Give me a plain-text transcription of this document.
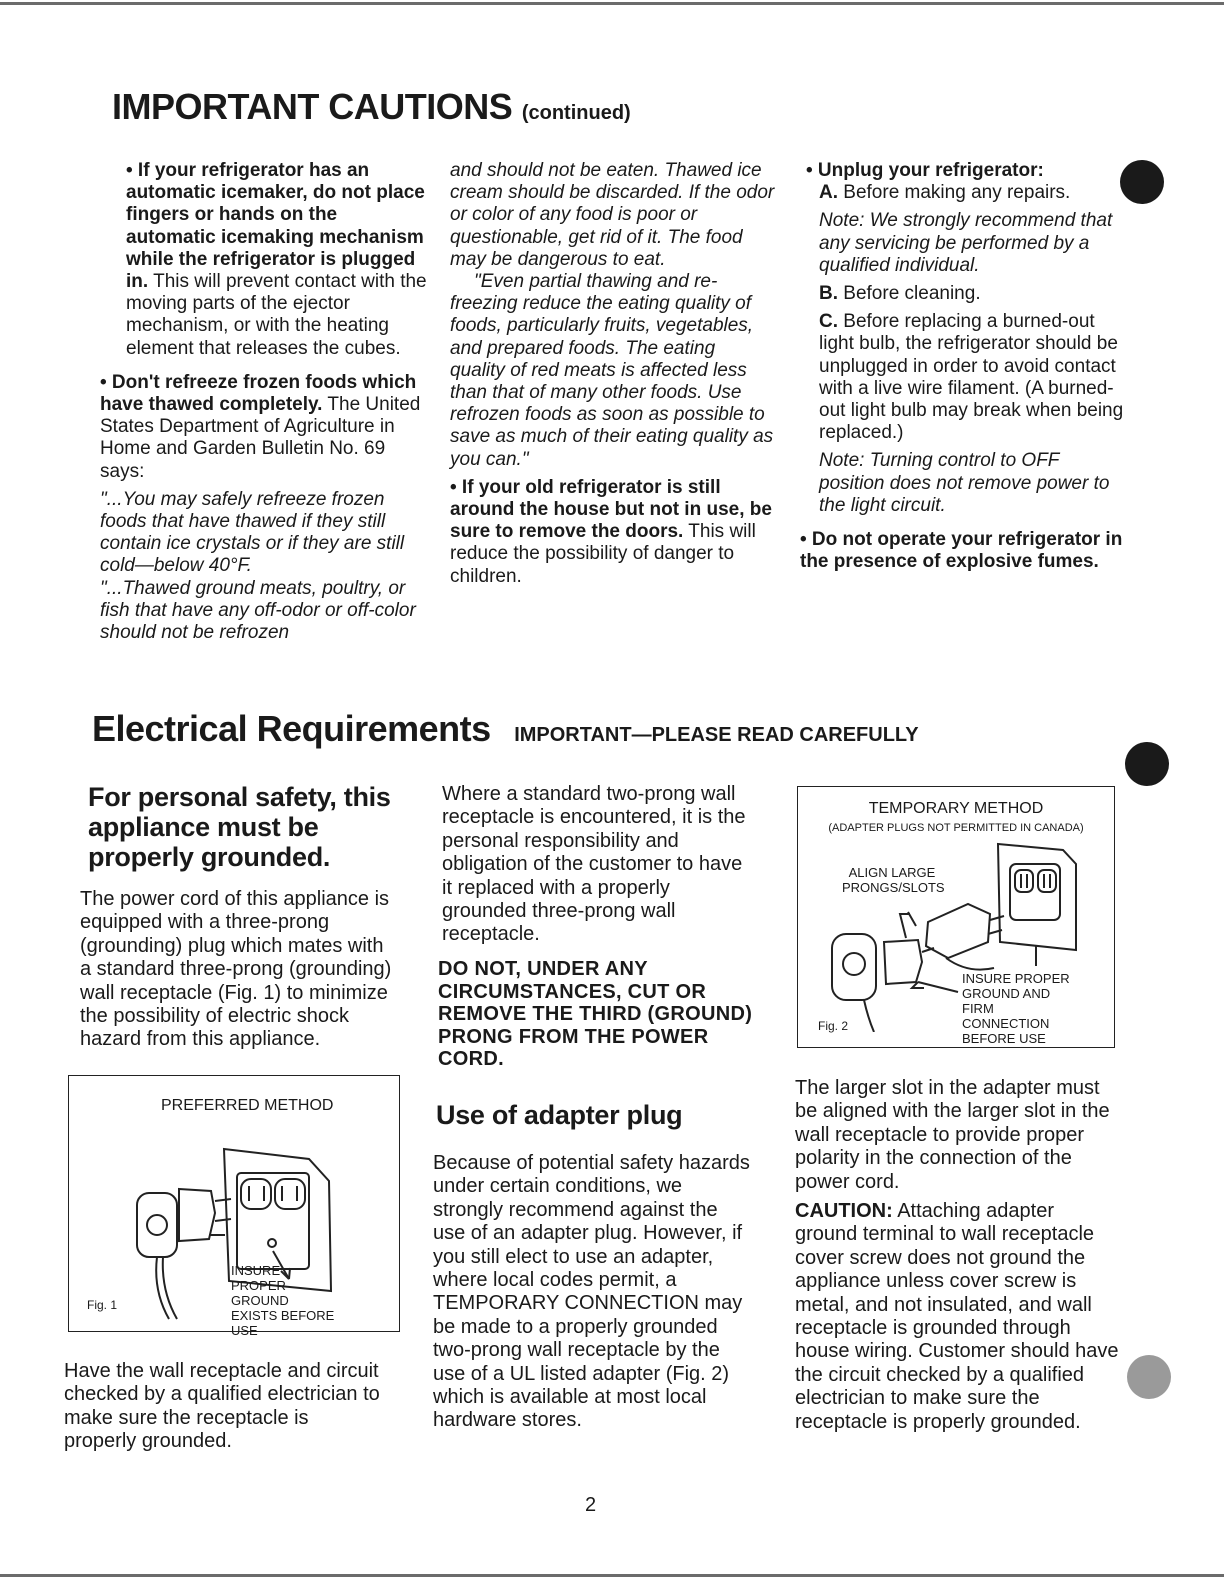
IMPORTANT CAUTIONS (continued)

• If your refrigerator has an automatic icemaker, do not place fingers or hands on the automatic icemaking mechanism while the refrigerator is plugged in. This will prevent contact with the moving parts of the ejector mechanism, or with the heating element that releases the cubes.

• Don't refreeze frozen foods which have thawed completely. The United States Department of Agriculture in Home and Garden Bulletin No. 69 says:

"...You may safely refreeze frozen foods that have thawed if they still contain ice crystals or if they are still cold—below 40°F.

"...Thawed ground meats, poultry, or fish that have any off-odor or off-color should not be refrozen

and should not be eaten. Thawed ice cream should be discarded. If the odor or color of any food is poor or questionable, get rid of it. The food may be dangerous to eat.

"Even partial thawing and re-freezing reduce the eating quality of foods, particularly fruits, vegetables, and prepared foods. The eating quality of red meats is affected less than that of many other foods. Use refrozen foods as soon as possible to save as much of their eating quality as you can."

• If your old refrigerator is still around the house but not in use, be sure to remove the doors. This will reduce the possibility of danger to children.

• Unplug your refrigerator:

A. Before making any repairs.

Note: We strongly recommend that any servicing be performed by a qualified individual.

B. Before cleaning.

C. Before replacing a burned-out light bulb, the refrigerator should be unplugged in order to avoid contact with a live wire filament. (A burned-out light bulb may break when being replaced.)

Note: Turning control to OFF position does not remove power to the light circuit.

• Do not operate your refrigerator in the presence of explosive fumes.

Electrical Requirements IMPORTANT—PLEASE READ CAREFULLY
For personal safety, this appliance must be properly grounded.

The power cord of this appliance is equipped with a three-prong (grounding) plug which mates with a standard three-prong (grounding) wall receptacle (Fig. 1) to minimize the possibility of electric shock hazard from this appliance.

PREFERRED METHOD
INSURE PROPER GROUND EXISTS BEFORE USE
Fig. 1

Have the wall receptacle and circuit checked by a qualified electrician to make sure the receptacle is properly grounded.

Where a standard two-prong wall receptacle is encountered, it is the personal responsibility and obligation of the customer to have it replaced with a properly grounded three-prong wall receptacle.

DO NOT, UNDER ANY CIRCUMSTANCES, CUT OR REMOVE THE THIRD (GROUND) PRONG FROM THE POWER CORD.
Use of adapter plug

Because of potential safety hazards under certain conditions, we strongly recommend against the use of an adapter plug. However, if you still elect to use an adapter, where local codes permit, a TEMPORARY CONNECTION may be made to a properly grounded two-prong wall receptacle by the use of a UL listed adapter (Fig. 2) which is available at most local hardware stores.

TEMPORARY METHOD
(ADAPTER PLUGS NOT PERMITTED IN CANADA)
ALIGN LARGE PRONGS/SLOTS
INSURE PROPER GROUND AND FIRM CONNECTION BEFORE USE
Fig. 2

The larger slot in the adapter must be aligned with the larger slot in the wall receptacle to provide proper polarity in the connection of the power cord.

CAUTION: Attaching adapter ground terminal to wall receptacle cover screw does not ground the appliance unless cover screw is metal, and not insulated, and wall receptacle is grounded through house wiring. Customer should have the circuit checked by a qualified electrician to make sure the receptacle is properly grounded.

2
